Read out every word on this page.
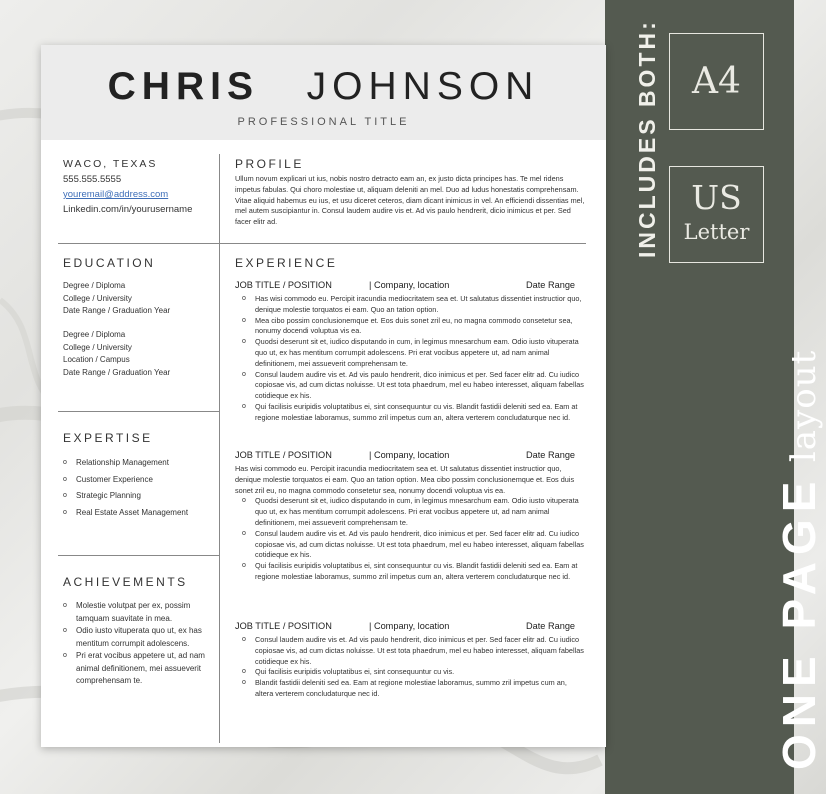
CHRIS JOHNSON
PROFESSIONAL TITLE
WACO, TEXAS
555.555.5555
youremail@address.com
Linkedin.com/in/yourusername
PROFILE
Ullum novum explicari ut ius, nobis nostro detracto eam an, ex justo dicta principes has. Te mel ridens impetus fabulas. Qui choro molestiae ut, aliquam deleniti an mel. Duo ad ludus honestatis comprehensam. Vitae aliquid habemus eu ius, et usu diceret ceteros, diam dicant inimicus in vel. An efficiendi dissentias mel, mel autem suscipiantur in. Consul laudem audire vis et. Ad vis paulo hendrerit, dicio inimicus et per. Sed facer elitr ad.
EDUCATION
Degree / Diploma
College / University
Date Range / Graduation Year
Degree / Diploma
College / University
Location / Campus
Date Range / Graduation Year
EXPERTISE
o Relationship Management
o Customer Experience
o Strategic Planning
o Real Estate Asset Management
ACHIEVEMENTS
o Molestie volutpat per ex, possim tamquam suavitate in mea.
o Odio iusto vituperata quo ut, ex has mentitum corrumpit adolescens.
o Pri erat vocibus appetere ut, ad nam animal definitionem, mei assueverit comprehensam te.
EXPERIENCE
JOB TITLE / POSITION	| Company, location	Date Range
o Has wisi commodo eu. Percipit iracundia mediocritatem sea et. Ut salutatus dissentiet instructior quo, denique molestie torquatos ei eam. Quo an tation option.
o Mea cibo possim conclusionemque et. Eos duis sonet zril eu, no magna commodo consetetur sea, nonumy docendi voluptua vis ea.
o Quodsi deserunt sit et, iudico disputando in cum, in legimus mnesarchum eam. Odio iusto vituperata quo ut, ex has mentitum corrumpit adolescens. Pri erat vocibus appetere ut, ad nam animal definitionem, mei assueverit comprehensam te.
o Consul laudem audire vis et. Ad vis paulo hendrerit, dico inimicus et per. Sed facer elitr ad. Cu iudico copiosae vis, ad cum dictas noluisse. Ut est tota phaedrum, mel eu habeo interesset, aliquam fabellas cotidieque ex his.
o Qui facilisis euripidis voluptatibus ei, sint consequuntur cu vis. Blandit fastidii deleniti sed ea. Eam at regione molestiae laboramus, summo zril impetus cum an, altera verterem concludaturque nec id.
JOB TITLE / POSITION	| Company, location	Date Range
Has wisi commodo eu. Percipit iracundia mediocritatem sea et. Ut salutatus dissentiet instructior quo, denique molestie torquatos ei eam. Quo an tation option. Mea cibo possim conclusionemque et. Eos duis sonet zril eu, no magna commodo consetetur sea, nonumy docendi voluptua vis ea.
o Quodsi deserunt sit et, iudico disputando in cum, in legimus mnesarchum eam. Odio iusto vituperata quo ut, ex has mentitum corrumpit adolescens. Pri erat vocibus appetere ut, ad nam animal definitionem, mei assueverit comprehensam te.
o Consul laudem audire vis et. Ad vis paulo hendrerit, dico inimicus et per. Sed facer elitr ad. Cu iudico copiosae vis, ad cum dictas noluisse. Ut est tota phaedrum, mel eu habeo interesset, aliquam fabellas cotidieque ex his.
o Qui facilisis euripidis voluptatibus ei, sint consequuntur cu vis. Blandit fastidii deleniti sed ea. Eam at regione molestiae laboramus, summo zril impetus cum an, altera verterem concludaturque nec id.
JOB TITLE / POSITION	| Company, location	Date Range
o Consul laudem audire vis et. Ad vis paulo hendrerit, dico inimicus et per. Sed facer elitr ad. Cu iudico copiosae vis, ad cum dictas noluisse. Ut est tota phaedrum, mel eu habeo interesset, aliquam fabellas cotidieque ex his.
o Qui facilisis euripidis voluptatibus ei, sint consequuntur cu vis.
o Blandit fastidii deleniti sed ea. Eam at regione molestiae laboramus, summo zril impetus cum an, altera verterem concludaturque nec id.
INCLUDES BOTH: A4
US
Letter
ONE PAGE layout
